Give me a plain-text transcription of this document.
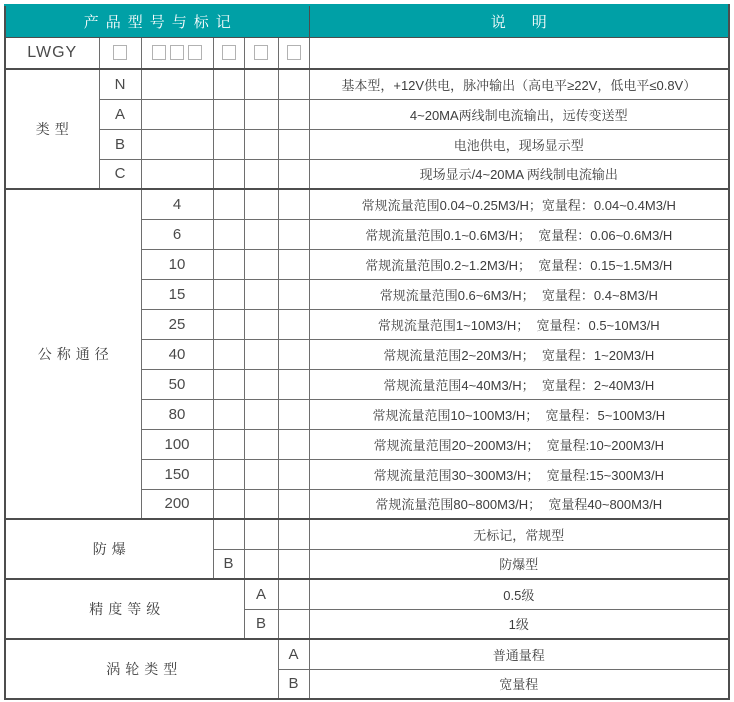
产品型号与标记						说明
LWGY						
类型	N					基本型，+12V供电，脉冲输出（高电平≥22V，低电平≤0.8V）
	A					4~20MA两线制电流输出，远传变送型
	B					电池供电，现场显示型
	C					现场显示/4~20MA 两线制电流输出
公称通径		4				常规流量范围0.04~0.25M3/H；宽量程：0.04~0.4M3/H
		6				常规流量范围0.1~0.6M3/H；  宽量程：0.06~0.6M3/H
		10				常规流量范围0.2~1.2M3/H；  宽量程：0.15~1.5M3/H
		15				常规流量范围0.6~6M3/H；  宽量程：0.4~8M3/H
		25				常规流量范围1~10M3/H；  宽量程：0.5~10M3/H
		40				常规流量范围2~20M3/H；  宽量程：1~20M3/H
		50				常规流量范围4~40M3/H；  宽量程：2~40M3/H
		80				常规流量范围10~100M3/H；  宽量程：5~100M3/H
		100				常规流量范围20~200M3/H；  宽量程:10~200M3/H
		150				常规流量范围30~300M3/H；  宽量程:15~300M3/H
		200				常规流量范围80~800M3/H；  宽量程40~800M3/H
防爆						无标记，常规型
			B			防爆型
精度等级				A		0.5级
				B		1级
涡轮类型					A	普通量程
					B	宽量程
